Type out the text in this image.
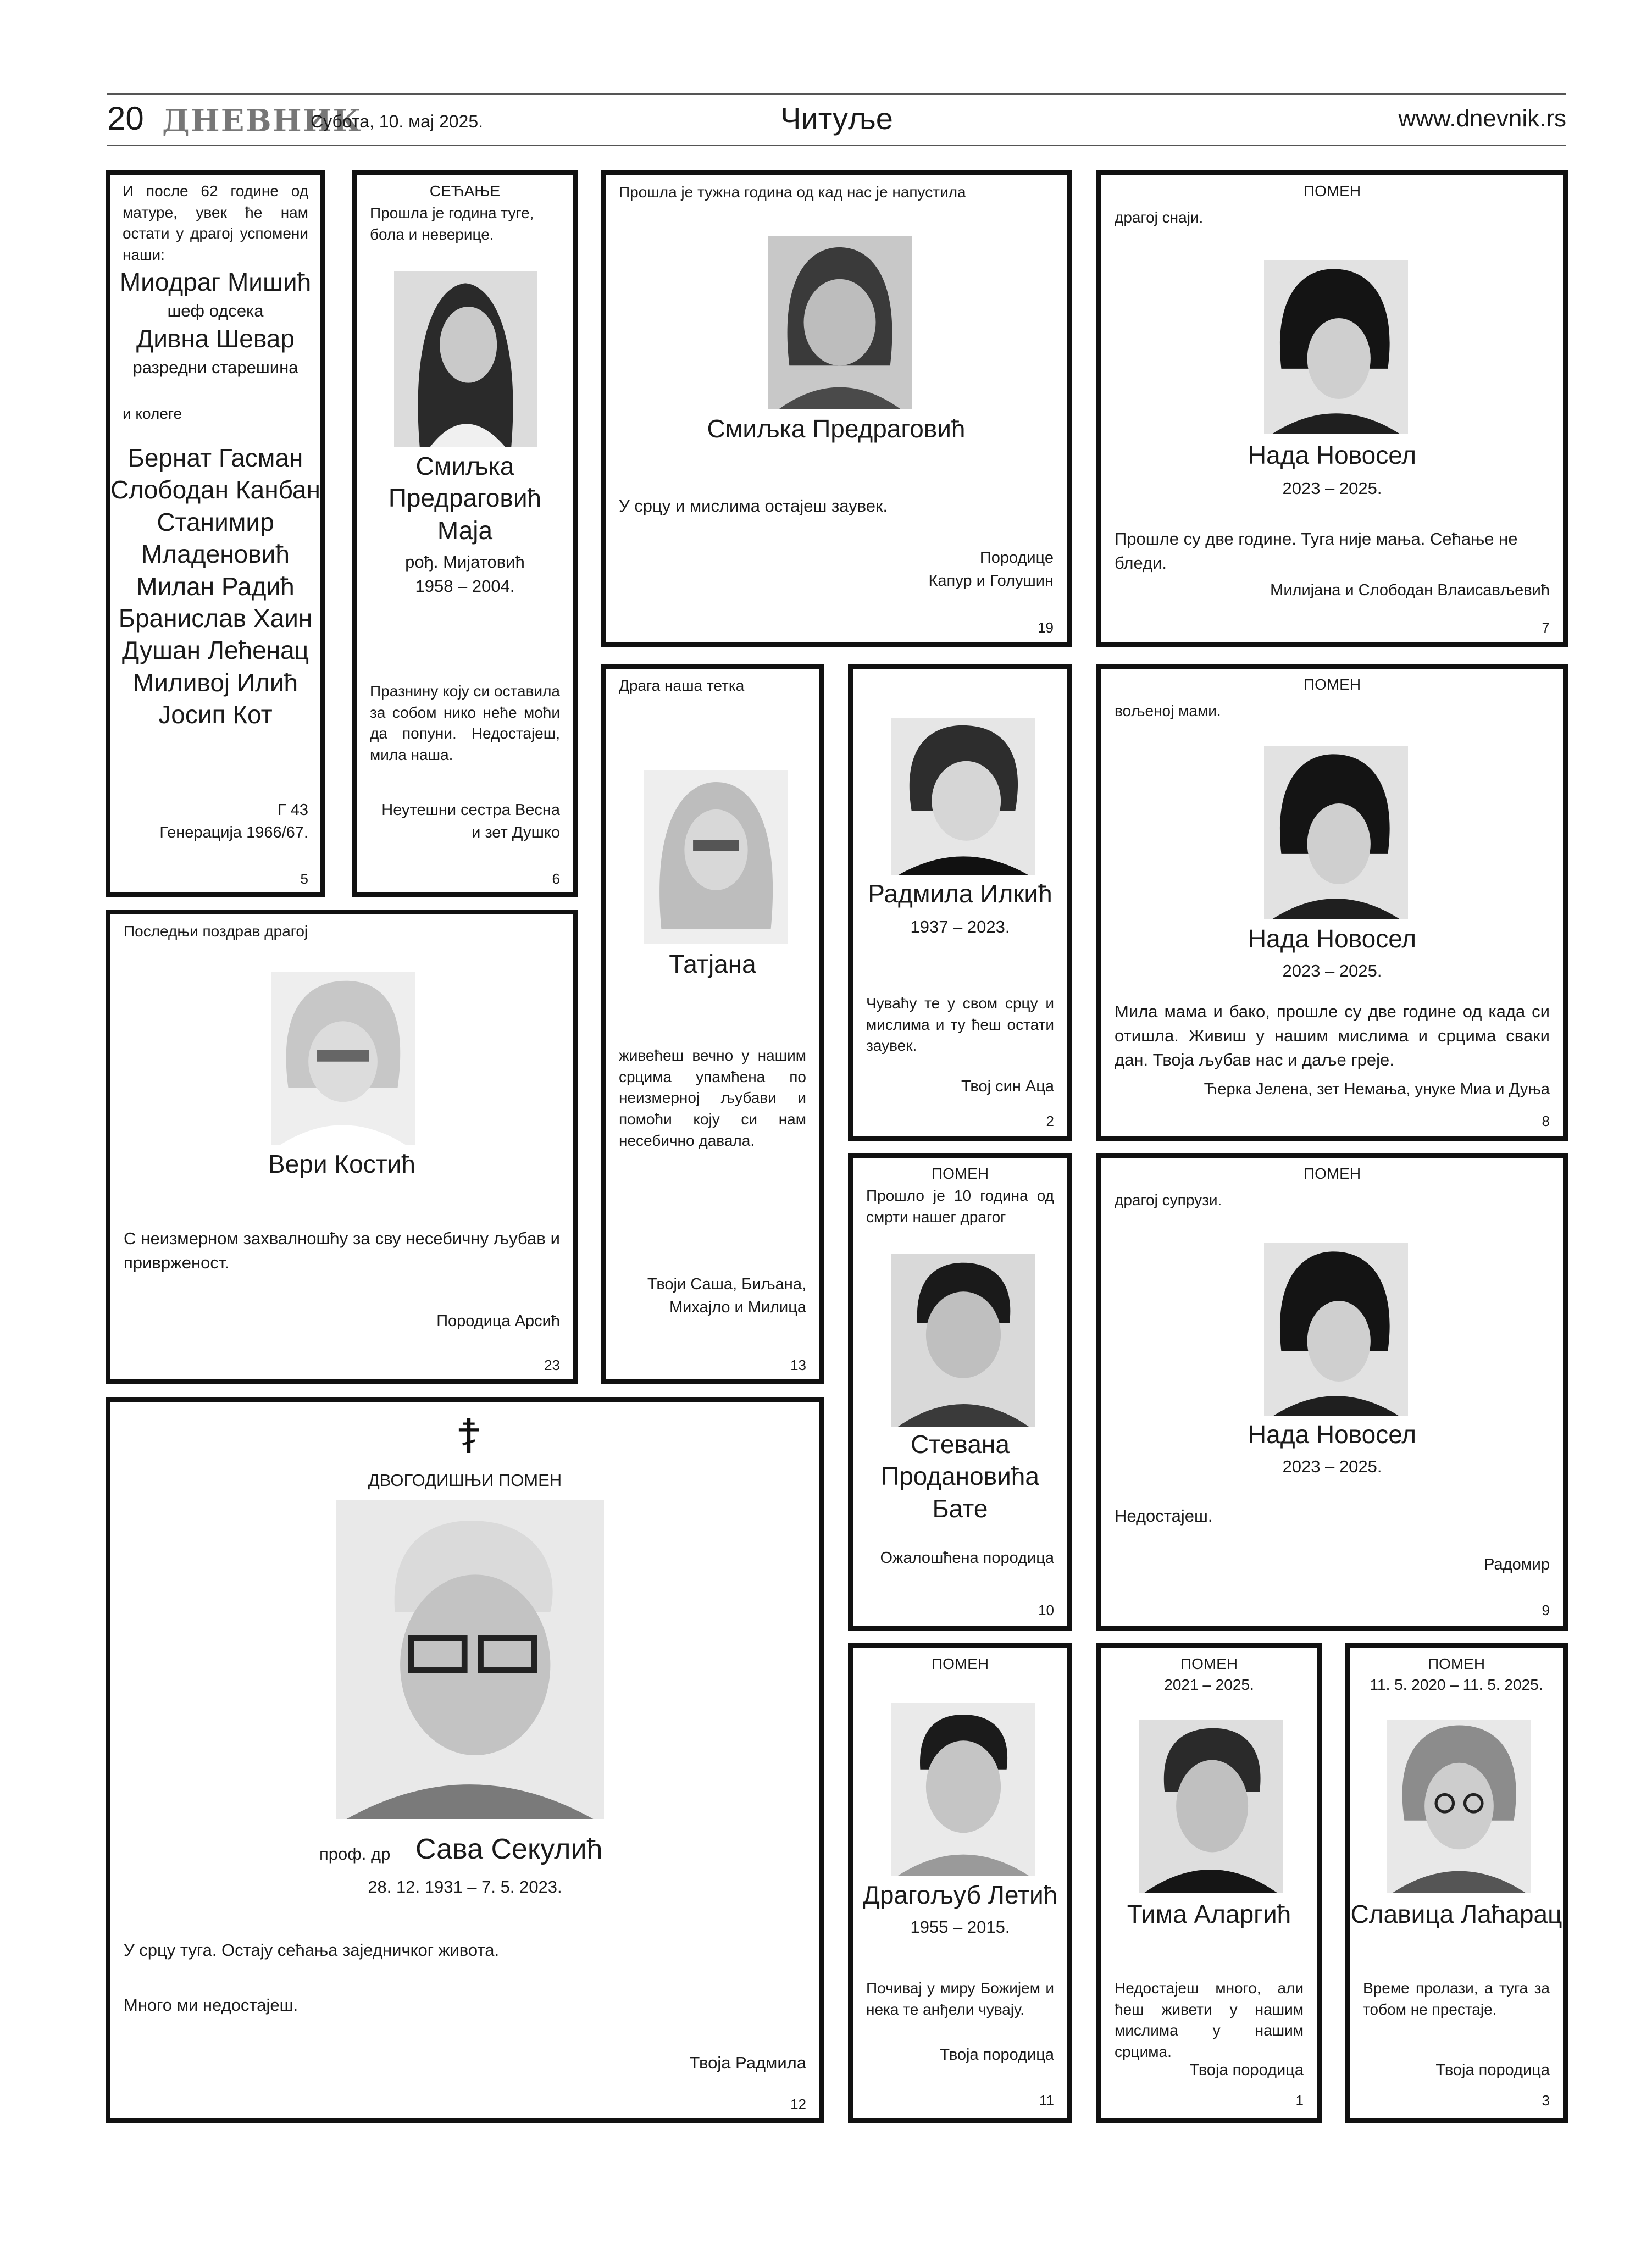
20 ДНЕВНИК
Субота, 10. мај 2025.	Читуље	www.dnevnik.rs

И после 62 године од матуре, увек ће нам остати у драгој успомени наши:

Миодраг Мишић

шеф одсека

Дивна Шевар

разредни старешина

и колеге

Бернат Гасман
Слободан Канбан
Станимир
Младеновић
Милан Радић
Бранислав Хаин
Душан Лећенац
Миливој Илић
Јосип Кот

Г 43

Генерација 1966/67.

5

СЕЋАЊЕ

Прошла је година туге, бола и неверице.

Смиљка
Предраговић
Маја

рођ. Мијатовић

1958 – 2004.

Празнину коју си оставила за собом нико неће моћи да попуни. Недостајеш, мила наша.

Неутешни сестра Весна

и зет Душко

6

Прошла је тужна година од кад нас је напустила

Смиљка Предраговић

У срцу и мислима остајеш заувек.

Породице

Капур и Голушин

19

ПОМЕН

драгој снаји.

Нада Новосел

2023 – 2025.

Прошле су две године. Туга није мања. Сећање не бледи.

Милијана и Слободан Влаисављевић

7

Драга наша тетка

Татјана

живећеш вечно у нашим срцима упамћена по неизмерној љубави и помоћи коју си нам несебично давала.

Твоји Саша, Биљана,

Михајло и Милица

13

Радмила Илкић

1937 – 2023.

Чуваћу те у свом срцу и мислима и ту ћеш остати заувек.

Твој син Аца

2

ПОМЕН

вољеној мами.

Нада Новосел

2023 – 2025.

Мила мама и бако, прошле су две године од када си отишла. Живиш у нашим мислима и срцима сваки дан. Твоја љубав нас и даље греје.

Ћерка Јелена, зет Немања, унуке Миа и Дуња

8

Последњи поздрав драгој

Вери Костић

С неизмерном захвалношћу за сву несебичну љубав и приврженост.

Породица Арсић

23

ПОМЕН

Прошло је 10 година од смрти нашег драгог

Стевана
Продановића
Бате

Ожалошћена породица

10

ПОМЕН

драгој супрузи.

Нада Новосел

2023 – 2025.

Недостајеш.

Радомир

9

ДВОГОДИШЊИ ПОМЕН

проф. др Сава Секулић

28. 12. 1931 – 7. 5. 2023.

У срцу туга. Остају сећања заједничког живота.

Много ми недостајеш.

Твоја Радмила

12

ПОМЕН

Драгољуб Летић

1955 – 2015.

Почивај у миру Божијем и нека те анђели чувају.

Твоја породица

11

ПОМЕН

2021 – 2025.

Тима Аларгић

Недостајеш много, али ћеш живети у нашим мислима у нашим срцима.

Твоја породица

1

ПОМЕН

11. 5. 2020 – 11. 5. 2025.

Славица Лаћарац

Време пролази, а туга за тобом не престаје.

Твоја породица

3
